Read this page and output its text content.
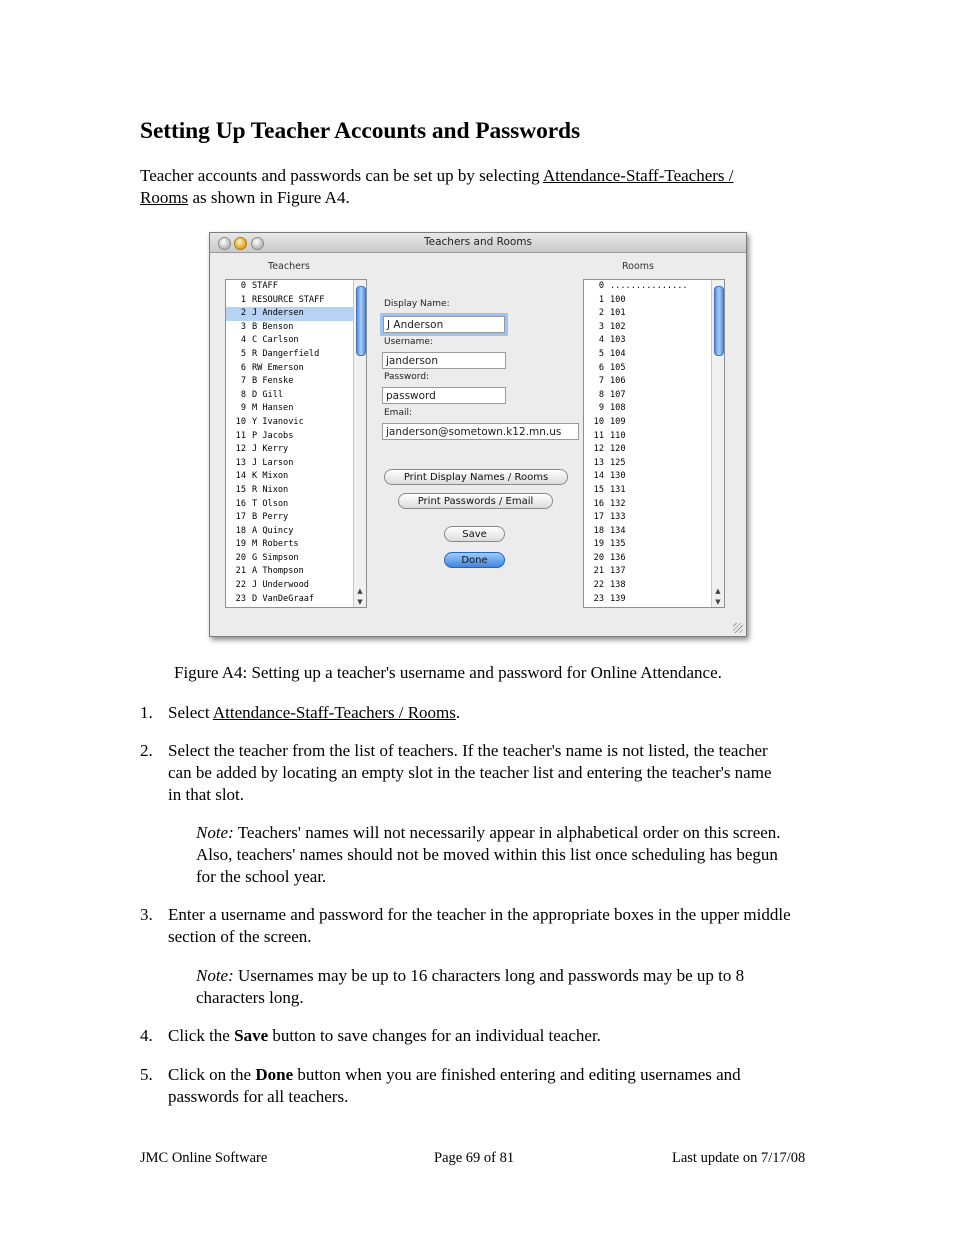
Setting Up Teacher Accounts and Passwords
Teacher accounts and passwords can be set up by selecting Attendance-Staff-Teachers /
Rooms as shown in Figure A4.
Teachers and Rooms
Teachers	Rooms
0 STAFF
1 RESOURCE STAFF
2 J Andersen
3 B Benson
4 C Carlson
5 R Dangerfield
6 RW Emerson
7 B Fenske
8 D Gill
9 M Hansen
10 Y Ivanovic
11 P Jacobs
12 J Kerry
13 J Larson
14 K Mixon
15 R Nixon
16 T Olson
17 B Perry
18 A Quincy
19 M Roberts
20 G Simpson
21 A Thompson
22 J Underwood
23 D VanDeGraaf
▲
▼
0 ...............
1 100
2 101
3 102
4 103
5 104
6 105
7 106
8 107
9 108
10 109
11 110
12 120
13 125
14 130
15 131
16 132
17 133
18 134
19 135
20 136
21 137
22 138
23 139
▲
▼
Display Name:
J Anderson
Username:
janderson
Password:
password
Email:
janderson@sometown.k12.mn.us
Print Display Names / Rooms
Print Passwords / Email
Save
Done
Figure A4: Setting up a teacher's username and password for Online Attendance.
1. Select Attendance-Staff-Teachers / Rooms.
2. Select the teacher from the list of teachers. If the teacher's name is not listed, the teacher can be added by locating an empty slot in the teacher list and entering the teacher's name in that slot.
Note: Teachers' names will not necessarily appear in alphabetical order on this screen. Also, teachers' names should not be moved within this list once scheduling has begun for the school year.
3. Enter a username and password for the teacher in the appropriate boxes in the upper middle section of the screen.
Note: Usernames may be up to 16 characters long and passwords may be up to 8 characters long.
4. Click the Save button to save changes for an individual teacher.
5. Click on the Done button when you are finished entering and editing usernames and passwords for all teachers.
JMC Online Software	Page 69 of 81	Last update on 7/17/08
